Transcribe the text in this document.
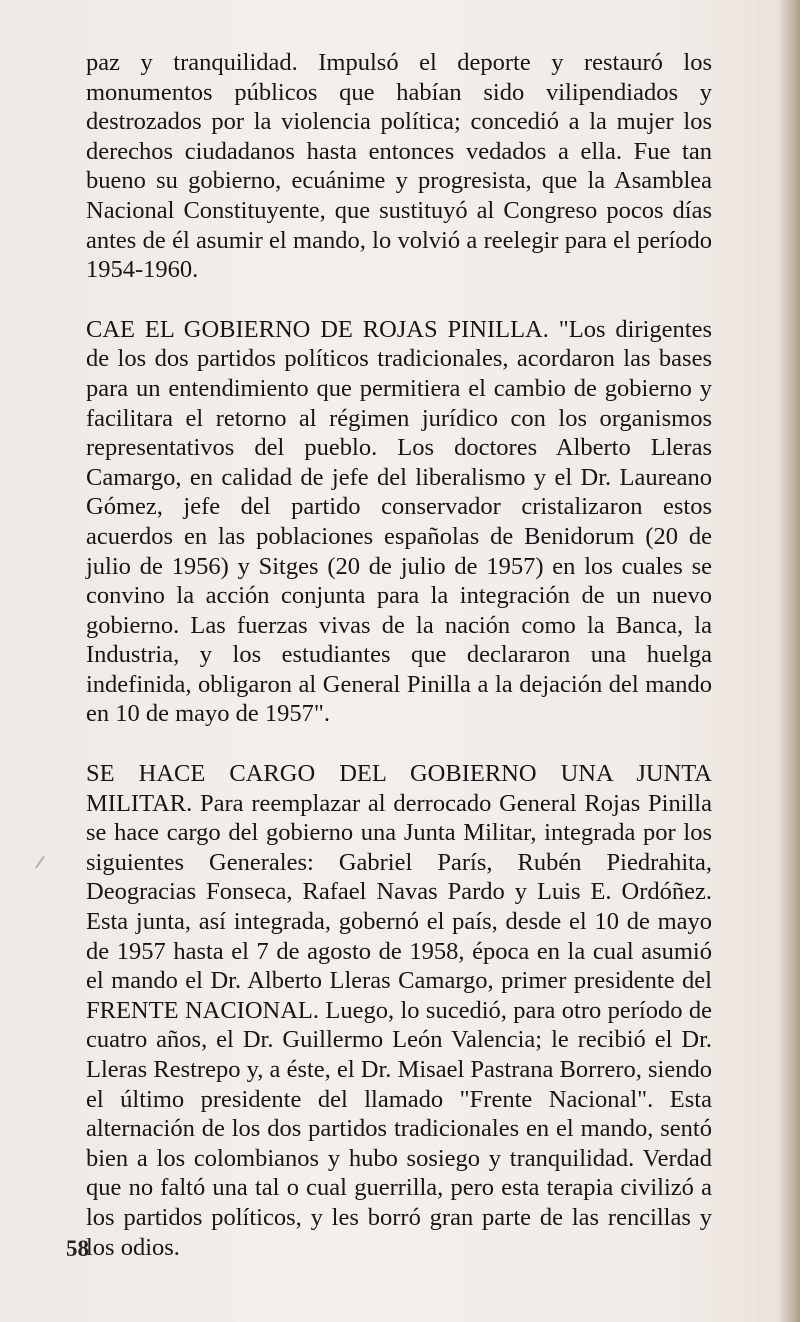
paz y tranquilidad. Impulsó el deporte y restauró los monumentos públicos que habían sido vilipendiados y destrozados por la violencia política; concedió a la mujer los derechos ciudadanos hasta entonces vedados a ella. Fue tan bueno su gobierno, ecuánime y progresista, que la Asamblea Nacional Constituyente, que sustituyó al Congreso pocos días antes de él asumir el mando, lo volvió a reelegir para el período 1954-1960.

CAE EL GOBIERNO DE ROJAS PINILLA. "Los dirigentes de los dos partidos políticos tradicionales, acordaron las bases para un entendimiento que permitiera el cambio de gobierno y facilitara el retorno al régimen jurídico con los organismos representativos del pueblo. Los doctores Alberto Lleras Camargo, en calidad de jefe del liberalismo y el Dr. Laureano Gómez, jefe del partido conservador cristalizaron estos acuerdos en las poblaciones españolas de Benidorum (20 de julio de 1956) y Sitges (20 de julio de 1957) en los cuales se convino la acción conjunta para la integración de un nuevo gobierno. Las fuerzas vivas de la nación como la Banca, la Industria, y los estudiantes que declararon una huelga indefinida, obligaron al General Pinilla a la dejación del mando en 10 de mayo de 1957".

SE HACE CARGO DEL GOBIERNO UNA JUNTA MILITAR. Para reemplazar al derrocado General Rojas Pinilla se hace cargo del gobierno una Junta Militar, integrada por los siguientes Generales: Gabriel París, Rubén Piedrahita, Deogracias Fonseca, Rafael Navas Pardo y Luis E. Ordóñez. Esta junta, así integrada, gobernó el país, desde el 10 de mayo de 1957 hasta el 7 de agosto de 1958, época en la cual asumió el mando el Dr. Alberto Lleras Camargo, primer presidente del FRENTE NACIONAL. Luego, lo sucedió, para otro período de cuatro años, el Dr. Guillermo León Valencia; le recibió el Dr. Lleras Restrepo y, a éste, el Dr. Misael Pastrana Borrero, siendo el último presidente del llamado "Frente Nacional". Esta alternación de los dos partidos tradicionales en el mando, sentó bien a los colombianos y hubo sosiego y tranquilidad. Verdad que no faltó una tal o cual guerrilla, pero esta terapia civilizó a los partidos políticos, y les borró gran parte de las rencillas y los odios.

58
